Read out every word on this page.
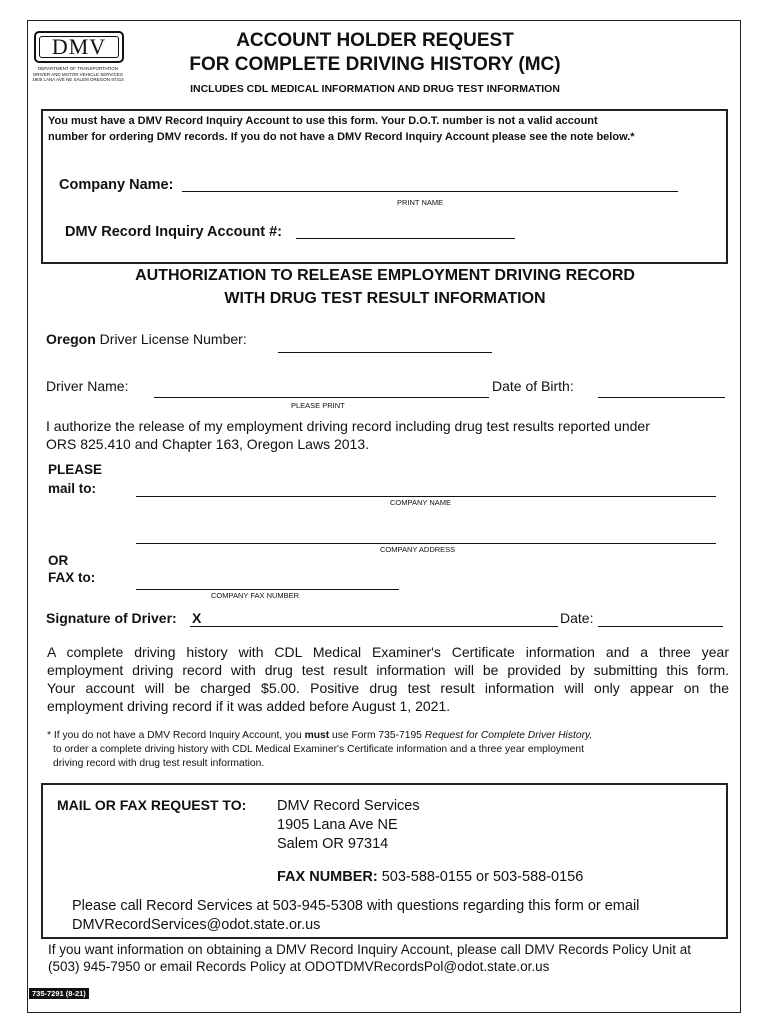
DMV
DEPARTMENT OF TRANSPORTATION
DRIVER AND MOTOR VEHICLE SERVICES
1905 LANA AVE NE SALEM OREGON 97314
ACCOUNT HOLDER REQUEST
FOR COMPLETE DRIVING HISTORY (MC)
INCLUDES CDL MEDICAL INFORMATION AND DRUG TEST INFORMATION
You must have a DMV Record Inquiry Account to use this form. Your D.O.T. number is not a valid account
number for ordering DMV records. If you do not have a DMV Record Inquiry Account please see the note below.*
Company Name:
PRINT NAME
DMV Record Inquiry Account #:
AUTHORIZATION TO RELEASE EMPLOYMENT DRIVING RECORD
WITH DRUG TEST RESULT INFORMATION
Oregon Driver License Number:
Driver Name:
PLEASE PRINT
Date of Birth:
I authorize the release of my employment driving record including drug test results reported under
ORS 825.410 and Chapter 163, Oregon Laws 2013.
PLEASE
mail to:
COMPANY NAME
COMPANY ADDRESS
OR
FAX to:
COMPANY FAX NUMBER
Signature of Driver: X	Date:
A complete driving history with CDL Medical Examiner's Certificate information and a three year
employment driving record with drug test result information will be provided by submitting this form.
Your account will be charged $5.00. Positive drug test result information will only appear on the
employment driving record if it was added before August 1, 2021.
* If you do not have a DMV Record Inquiry Account, you must use Form 735-7195 Request for Complete Driver History,
to order a complete driving history with CDL Medical Examiner's Certificate information and a three year employment
driving record with drug test result information.
MAIL OR FAX REQUEST TO: DMV Record Services
1905 Lana Ave NE
Salem OR 97314
FAX NUMBER: 503-588-0155 or 503-588-0156
Please call Record Services at 503-945-5308 with questions regarding this form or email
DMVRecordServices@odot.state.or.us
If you want information on obtaining a DMV Record Inquiry Account, please call DMV Records Policy Unit at
(503) 945-7950 or email Records Policy at ODOTDMVRecordsPol@odot.state.or.us
735-7291 (8-21)
